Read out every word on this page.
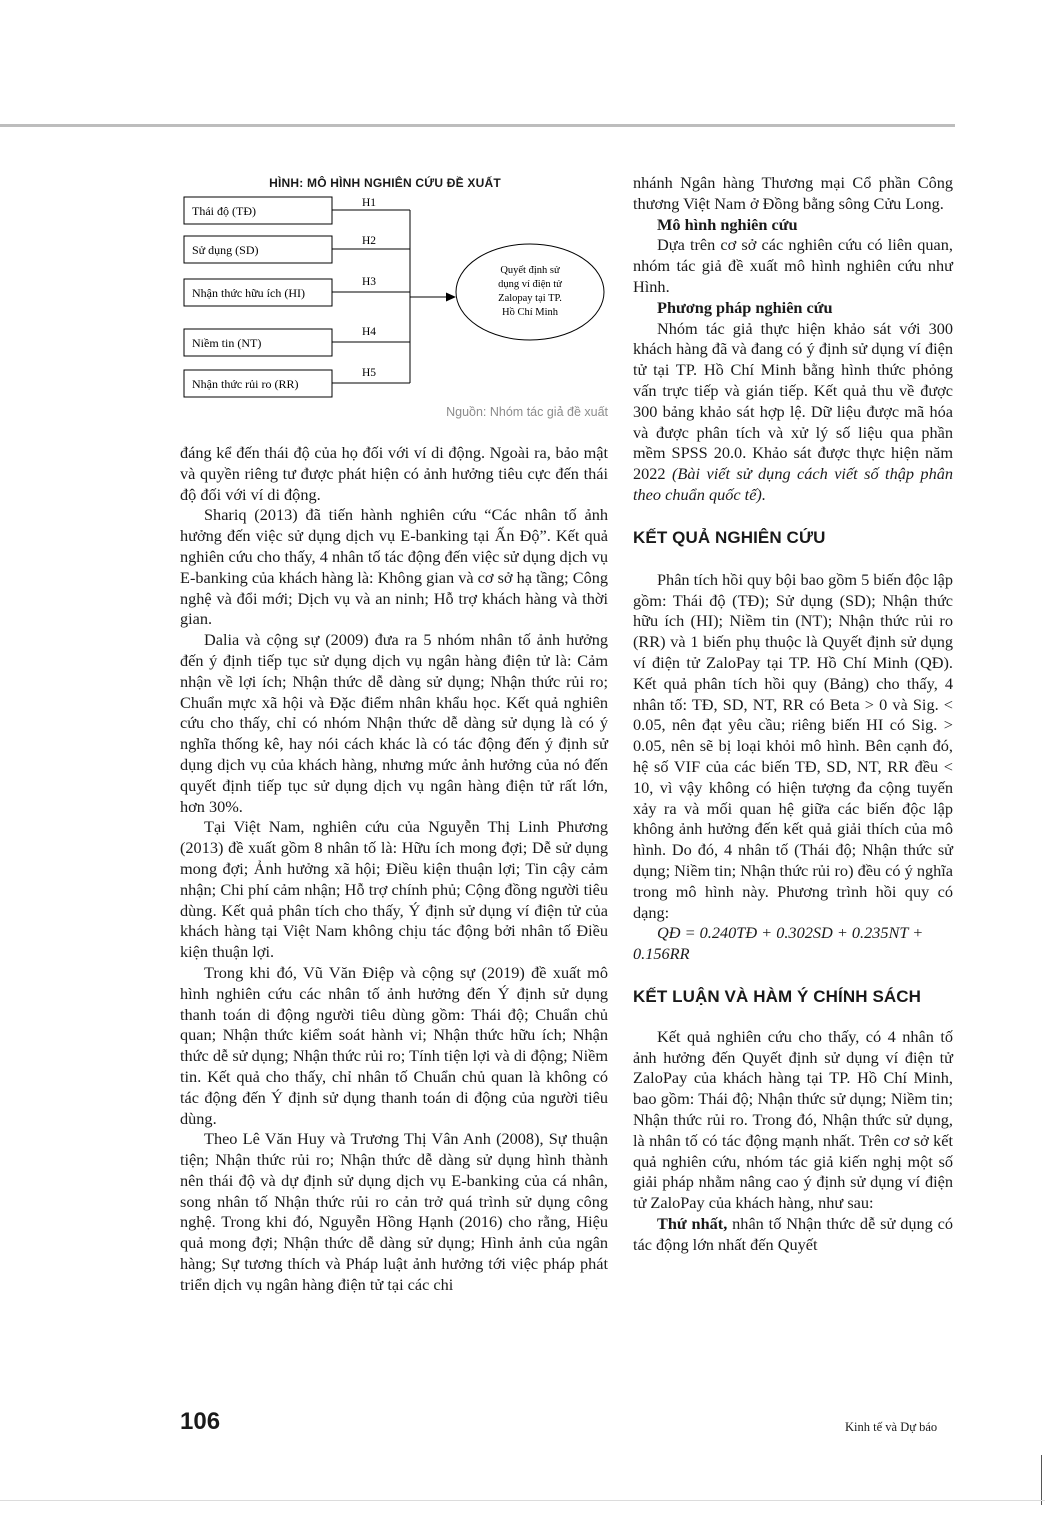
HÌNH: MÔ HÌNH NGHIÊN CỨU ĐỀ XUẤT
Thái độ (TĐ)
Sử dụng (SD)
Nhận thức hữu ích (HI)
Niềm tin (NT)
Nhận thức rủi ro (RR)
H1
H2
H3
H4
H5
Quyết định sử
dụng ví điện tử
Zalopay tại TP.
Hồ Chí Minh
Nguồn: Nhóm tác giả đề xuất

đáng kể đến thái độ của họ đối với ví di động. Ngoài ra, bảo mật và quyền riêng tư được phát hiện có ảnh hưởng tiêu cực đến thái độ đối với ví di động.

Shariq (2013) đã tiến hành nghiên cứu “Các nhân tố ảnh hưởng đến việc sử dụng dịch vụ E-banking tại Ấn Độ”. Kết quả nghiên cứu cho thấy, 4 nhân tố tác động đến việc sử dụng dịch vụ E-banking của khách hàng là: Không gian và cơ sở hạ tầng; Công nghệ và đổi mới; Dịch vụ và an ninh; Hỗ trợ khách hàng và thời gian.

Dalia và cộng sự (2009) đưa ra 5 nhóm nhân tố ảnh hưởng đến ý định tiếp tục sử dụng dịch vụ ngân hàng điện tử là: Cảm nhận về lợi ích; Nhận thức dễ dàng sử dụng; Nhận thức rủi ro; Chuẩn mực xã hội và Đặc điểm nhân khẩu học. Kết quả nghiên cứu cho thấy, chỉ có nhóm Nhận thức dễ dàng sử dụng là có ý nghĩa thống kê, hay nói cách khác là có tác động đến ý định sử dụng dịch vụ của khách hàng, nhưng mức ảnh hưởng của nó đến quyết định tiếp tục sử dụng dịch vụ ngân hàng điện tử rất lớn, hơn 30%.

Tại Việt Nam, nghiên cứu của Nguyễn Thị Linh Phương (2013) đề xuất gồm 8 nhân tố là: Hữu ích mong đợi; Dễ sử dụng mong đợi; Ảnh hưởng xã hội; Điều kiện thuận lợi; Tin cậy cảm nhận; Chi phí cảm nhận; Hỗ trợ chính phủ; Cộng đồng người tiêu dùng. Kết quả phân tích cho thấy, Ý định sử dụng ví điện tử của khách hàng tại Việt Nam không chịu tác động bởi nhân tố Điều kiện thuận lợi.

Trong khi đó, Vũ Văn Điệp và cộng sự (2019) đề xuất mô hình nghiên cứu các nhân tố ảnh hưởng đến Ý định sử dụng thanh toán di động người tiêu dùng gồm: Thái độ; Chuẩn chủ quan; Nhận thức kiểm soát hành vi; Nhận thức hữu ích; Nhận thức dễ sử dụng; Nhận thức rủi ro; Tính tiện lợi và di động; Niềm tin. Kết quả cho thấy, chỉ nhân tố Chuẩn chủ quan là không có tác động đến Ý định sử dụng thanh toán di động của người tiêu dùng.

Theo Lê Văn Huy và Trương Thị Vân Anh (2008), Sự thuận tiện; Nhận thức rủi ro; Nhận thức dễ dàng sử dụng hình thành nên thái độ và dự định sử dụng dịch vụ E-banking của cá nhân, song nhân tố Nhận thức rủi ro cản trở quá trình sử dụng công nghệ. Trong khi đó, Nguyễn Hồng Hạnh (2016) cho rằng, Hiệu quả mong đợi; Nhận thức dễ dàng sử dụng; Hình ảnh của ngân hàng; Sự tương thích và Pháp luật ảnh hưởng tới việc pháp phát triển dịch vụ ngân hàng điện tử tại các chi

nhánh Ngân hàng Thương mại Cổ phần Công thương Việt Nam ở Đồng bằng sông Cửu Long.

Mô hình nghiên cứu

Dựa trên cơ sở các nghiên cứu có liên quan, nhóm tác giả đề xuất mô hình nghiên cứu như Hình.

Phương pháp nghiên cứu

Nhóm tác giả thực hiện khảo sát với 300 khách hàng đã và đang có ý định sử dụng ví điện tử tại TP. Hồ Chí Minh bằng hình thức phỏng vấn trực tiếp và gián tiếp. Kết quả thu về được 300 bảng khảo sát hợp lệ. Dữ liệu được mã hóa và được phân tích và xử lý số liệu qua phần mềm SPSS 20.0. Khảo sát được thực hiện năm 2022 (Bài viết sử dụng cách viết số thập phân theo chuẩn quốc tế).

KẾT QUẢ NGHIÊN CỨU

Phân tích hồi quy bội bao gồm 5 biến độc lập gồm: Thái độ (TĐ); Sử dụng (SD); Nhận thức hữu ích (HI); Niềm tin (NT); Nhận thức rủi ro (RR) và 1 biến phụ thuộc là Quyết định sử dụng ví điện tử ZaloPay tại TP. Hồ Chí Minh (QĐ). Kết quả phân tích hồi quy (Bảng) cho thấy, 4 nhân tố: TĐ, SD, NT, RR có Beta > 0 và Sig. < 0.05, nên đạt yêu cầu; riêng biến HI có Sig. > 0.05, nên sẽ bị loại khỏi mô hình. Bên cạnh đó, hệ số VIF của các biến TĐ, SD, NT, RR đều < 10, vì vậy không có hiện tượng đa cộng tuyến xảy ra và mối quan hệ giữa các biến độc lập không ảnh hưởng đến kết quả giải thích của mô hình. Do đó, 4 nhân tố (Thái độ; Nhận thức sử dụng; Niềm tin; Nhận thức rủi ro) đều có ý nghĩa trong mô hình này. Phương trình hồi quy có dạng:

QĐ = 0.240TĐ + 0.302SD + 0.235NT + 0.156RR

KẾT LUẬN VÀ HÀM Ý CHÍNH SÁCH

Kết quả nghiên cứu cho thấy, có 4 nhân tố ảnh hưởng đến Quyết định sử dụng ví điện tử ZaloPay của khách hàng tại TP. Hồ Chí Minh, bao gồm: Thái độ; Nhận thức sử dụng; Niềm tin; Nhận thức rủi ro. Trong đó, Nhận thức sử dụng, là nhân tố có tác động mạnh nhất. Trên cơ sở kết quả nghiên cứu, nhóm tác giả kiến nghị một số giải pháp nhằm nâng cao ý định sử dụng ví điện tử ZaloPay của khách hàng, như sau:

Thứ nhất, nhân tố Nhận thức dễ sử dụng có tác động lớn nhất đến Quyết

106	Kinh tế và Dự báo
